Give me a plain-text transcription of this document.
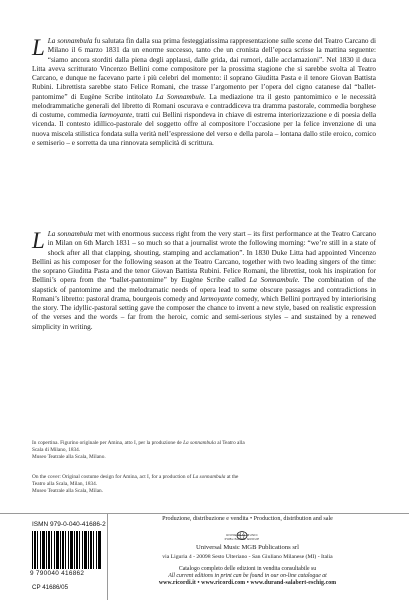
L La sonnambula fu salutata fin dalla sua prima festeggiatissima rappresentazione sulle scene del Teatro Carcano di Milano il 6 marzo 1831 da un enorme successo, tanto che un cronista dell’epoca scrisse la mattina seguente: “siamo ancora storditi dalla piena degli applausi, dalle grida, dai rumori, dalle acclamazioni”. Nel 1830 il duca Litta aveva scritturato Vincenzo Bellini come compositore per la prossima stagione che si sarebbe svolta al Teatro Carcano, e dunque ne facevano parte i più celebri del momento: il soprano Giuditta Pasta e il tenore Giovan Battista Rubini. Librettista sarebbe stato Felice Romani, che trasse l’argomento per l’opera del cigno catanese dal “ballet-pantomime” di Eugène Scribe intitolato La Somnambule. La mediazione tra il gesto pantomimico e le necessità melodrammatiche generali del libretto di Romani oscurava e contraddiceva tra dramma pastorale, commedia borghese di costume, commedia larmoyante, tratti cui Bellini rispondeva in chiave di estrema interiorizzazione e di poesia della vicenda. Il contesto idillico-pastorale del soggetto offre al compositore l’occasione per la felice invenzione di una nuova miscela stilistica fondata sulla verità nell’espressione del verso e della parola – lontana dallo stile eroico, comico e semiserio – e sorretta da una rinnovata semplicità di scrittura.

L La sonnambula met with enormous success right from the very start – its first performance at the Teatro Carcano in Milan on 6th March 1831 – so much so that a journalist wrote the following morning: “we’re still in a state of shock after all that clapping, shouting, stamping and acclamation”. In 1830 Duke Litta had appointed Vincenzo Bellini as his composer for the following season at the Teatro Carcano, together with two leading singers of the time: the soprano Giuditta Pasta and the tenor Giovan Battista Rubini. Felice Romani, the librettist, took his inspiration for Bellini’s opera from the “ballet-pantomime” by Eugène Scribe called La Somnambule. The combination of the slapstick of pantomime and the melodramatic needs of opera lead to some obscure passages and contradictions in Romani’s libretto: pastoral drama, bourgeois comedy and larmoyante comedy, which Bellini portrayed by interiorising the story. The idyllic-pastoral setting gave the composer the chance to invent a new style, based on realistic expression of the verses and the words – far from the heroic, comic and semi-serious styles – and sustained by a renewed simplicity in writing.

In copertina. Figurino originale per Amina, atto I, per la produzione de La sonnambula al Teatro alla Scala di Milano, 1834.
Museo Teatrale alla Scala, Milano.
On the cover: Original costume design for Amina, act I, for a production of La sonnambula at the Teatro alla Scala, Milan, 1834.
Museo Teatrale alla Scala, Milan.
ISMN 979-0-040-41686-2
9 790040 416862
CP 41686/05
Produzione, distribuzione e vendita • Production, distribution and sale
UNIVERSAL MUSIC PUBLISHING GROUP
Universal Music MGB Publications srl
via Liguria 4 - 20098 Sesto Ulteriano - San Giuliano Milanese (MI) - Italia
Catalogo completo delle edizioni in vendita consultabile su
All current editions in print can be found in our on-line catalogue at
www.ricordi.it • www.ricordi.com • www.durand-salabert-eschig.com
